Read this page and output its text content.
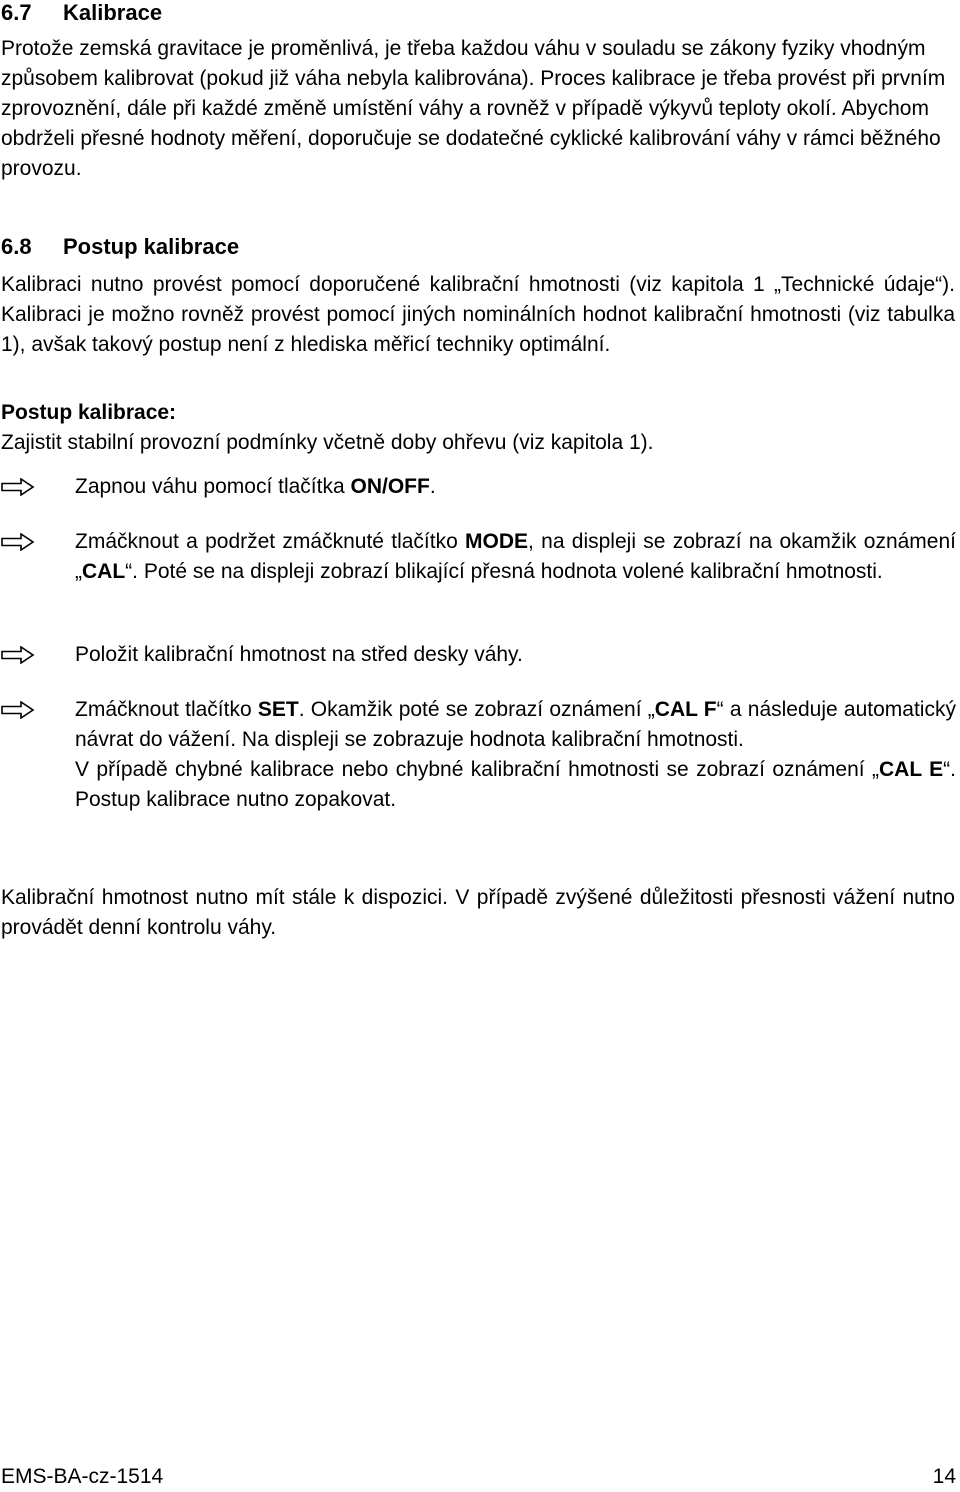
6.7 Kalibrace

Protože zemská gravitace je proměnlivá, je třeba každou váhu v souladu se zákony fyziky vhodným způsobem kalibrovat (pokud již váha nebyla kalibrována). Proces kalibrace je třeba provést při prvním zprovoznění, dále při každé změně umístění váhy a rovněž v případě výkyvů teploty okolí. Abychom obdrželi přesné hodnoty měření, doporučuje se dodatečné cyklické kalibrování váhy v rámci běžného provozu.

6.8 Postup kalibrace

Kalibraci nutno provést pomocí doporučené kalibrační hmotnosti (viz kapitola 1 „Technické údaje“). Kalibraci je možno rovněž provést pomocí jiných nominálních hodnot kalibrační hmotnosti (viz tabulka 1), avšak takový postup není z hlediska měřicí techniky optimální.

Postup kalibrace:

Zajistit stabilní provozní podmínky včetně doby ohřevu (viz kapitola 1).

Zapnou váhu pomocí tlačítka ON/OFF.
Zmáčknout a podržet zmáčknuté tlačítko MODE, na displeji se zobrazí na okamžik oznámení „CAL“. Poté se na displeji zobrazí blikající přesná hodnota volené kalibrační hmotnosti.
Položit kalibrační hmotnost na střed desky váhy.
Zmáčknout tlačítko SET. Okamžik poté se zobrazí oznámení „CAL F“ a následuje automatický návrat do vážení. Na displeji se zobrazuje hodnota kalibrační hmotnosti.
V případě chybné kalibrace nebo chybné kalibrační hmotnosti se zobrazí oznámení „CAL E“. Postup kalibrace nutno zopakovat.

Kalibrační hmotnost nutno mít stále k dispozici. V případě zvýšené důležitosti přesnosti vážení nutno provádět denní kontrolu váhy.

EMS-BA-cz-1514	14
